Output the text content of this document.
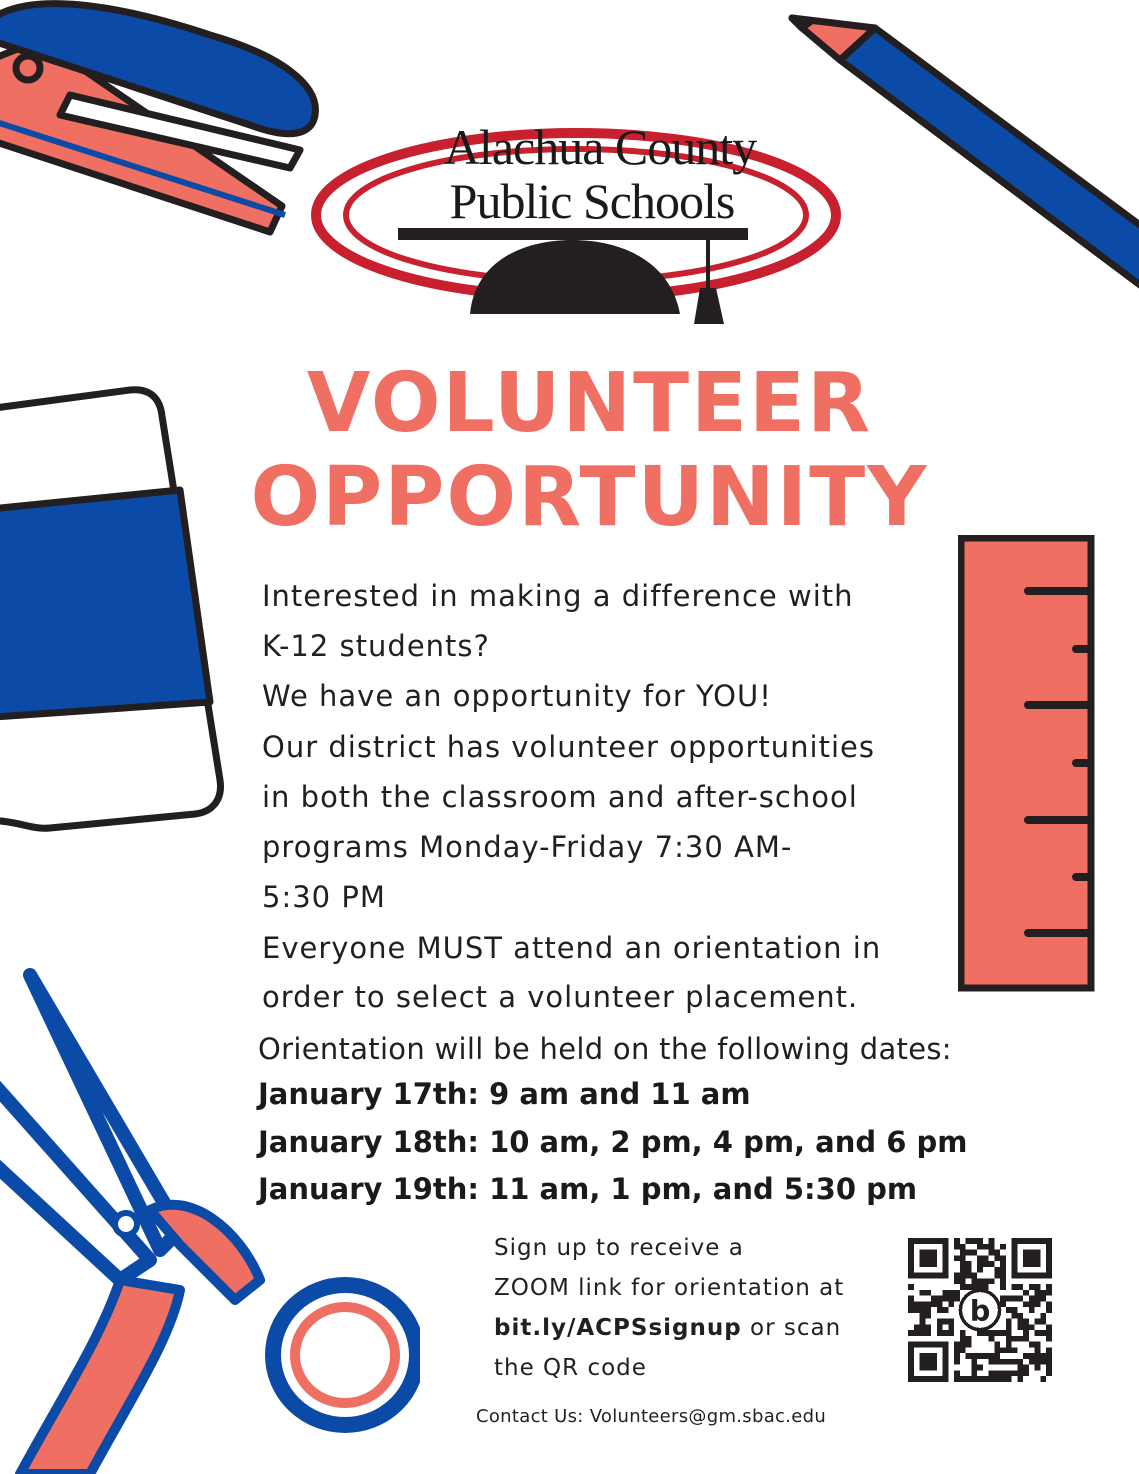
Alachua County
Public Schools
VOLUNTEER
OPPORTUNITY
Interested in making a difference with
K-12 students?
We have an opportunity for YOU!
Our district has volunteer opportunities
in both the classroom and after-school
programs Monday-Friday 7:30 AM-
5:30 PM
Everyone MUST attend an orientation in
order to select a volunteer placement.
Orientation will be held on the following dates:
January 17th: 9 am and 11 am
January 18th: 10 am, 2 pm, 4 pm, and 6 pm
January 19th: 11 am, 1 pm, and 5:30 pm
Sign up to receive a
ZOOM link for orientation at
bit.ly/ACPSsignup or scan
the QR code
b
Contact Us: Volunteers@gm.sbac.edu
